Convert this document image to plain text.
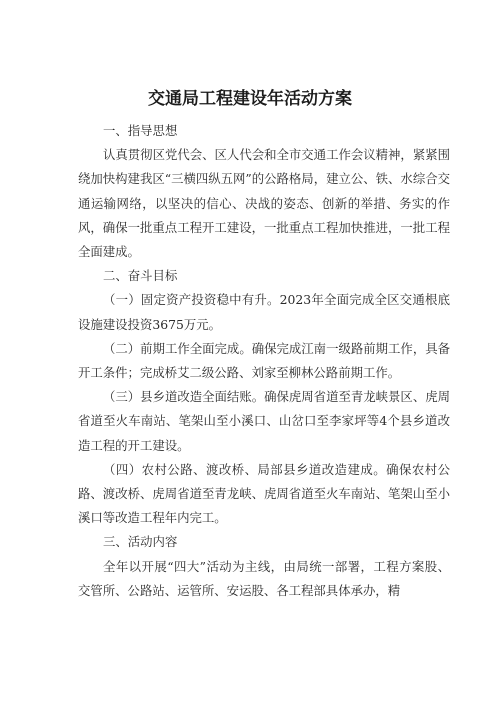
交通局工程建设年活动方案

一、指导思想

认真贯彻区党代会、区人代会和全市交通工作会议精神，紧紧围绕加快构建我区“三横四纵五网”的公路格局，建立公、铁、水综合交通运输网络，以坚决的信心、决战的姿态、创新的举措、务实的作风，确保一批重点工程开工建设，一批重点工程加快推进，一批工程全面建成。

二、奋斗目标

（一）固定资产投资稳中有升。2023年全面完成全区交通根底设施建设投资3675万元。

（二）前期工作全面完成。确保完成江南一级路前期工作，具备开工条件；完成桥艾二级公路、刘家至柳林公路前期工作。

（三）县乡道改造全面结账。确保虎周省道至青龙峡景区、虎周省道至火车南站、笔架山至小溪口、山岔口至李家坪等4个县乡道改造工程的开工建设。

（四）农村公路、渡改桥、局部县乡道改造建成。确保农村公路、渡改桥、虎周省道至青龙峡、虎周省道至火车南站、笔架山至小溪口等改造工程年内完工。

三、活动内容

全年以开展“四大”活动为主线，由局统一部署，工程方案股、交管所、公路站、运管所、安运股、各工程部具体承办，精
